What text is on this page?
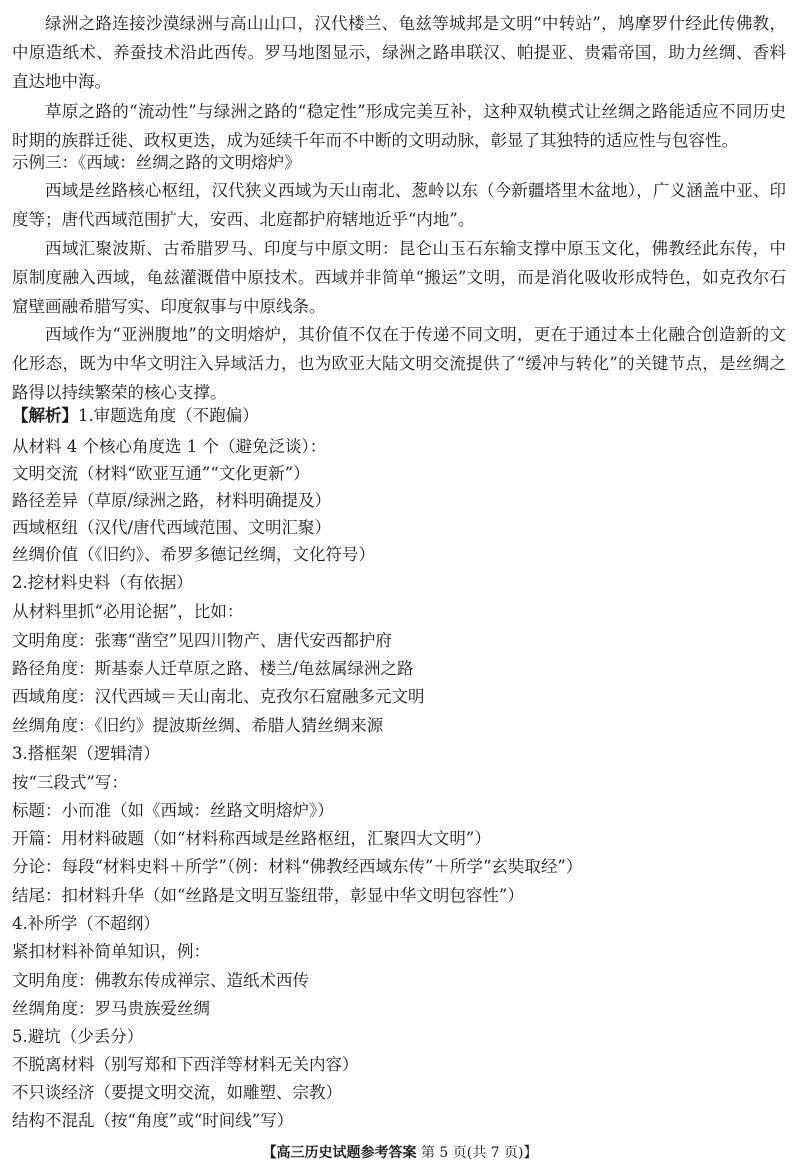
绿洲之路连接沙漠绿洲与高山山口，汉代楼兰、龟兹等城邦是文明“中转站”，鸠摩罗什经此传佛教，中原造纸术、养蚕技术沿此西传。罗马地图显示，绿洲之路串联汉、帕提亚、贵霜帝国，助力丝绸、香料直达地中海。

草原之路的“流动性”与绿洲之路的“稳定性”形成完美互补，这种双轨模式让丝绸之路能适应不同历史时期的族群迁徙、政权更迭，成为延续千年而不中断的文明动脉，彰显了其独特的适应性与包容性。

示例三：《西域：丝绸之路的文明熔炉》

西域是丝路核心枢纽，汉代狭义西域为天山南北、葱岭以东（今新疆塔里木盆地），广义涵盖中亚、印度等；唐代西域范围扩大，安西、北庭都护府辖地近乎“内地”。

西域汇聚波斯、古希腊罗马、印度与中原文明：昆仑山玉石东输支撑中原玉文化，佛教经此东传，中原制度融入西域，龟兹灌溉借中原技术。西域并非简单“搬运”文明，而是消化吸收形成特色，如克孜尔石窟壁画融希腊写实、印度叙事与中原线条。

西域作为“亚洲腹地”的文明熔炉，其价值不仅在于传递不同文明，更在于通过本土化融合创造新的文化形态，既为中华文明注入异域活力，也为欧亚大陆文明交流提供了“缓冲与转化”的关键节点，是丝绸之路得以持续繁荣的核心支撑。

【解析】1.审题选角度（不跑偏）
从材料 4 个核心角度选 1 个（避免泛谈）：
文明交流（材料“欧亚互通”“文化更新”）
路径差异（草原/绿洲之路，材料明确提及）
西域枢纽（汉代/唐代西域范围、文明汇聚）
丝绸价值（《旧约》、希罗多德记丝绸，文化符号）
2.挖材料史料（有依据）
从材料里抓“必用论据”，比如：
文明角度：张骞“凿空”见四川物产、唐代安西都护府
路径角度：斯基泰人迁草原之路、楼兰/龟兹属绿洲之路
西域角度：汉代西域＝天山南北、克孜尔石窟融多元文明
丝绸角度：《旧约》提波斯丝绸、希腊人猜丝绸来源
3.搭框架（逻辑清）
按“三段式”写：
标题：小而准（如《西域：丝路文明熔炉》）
开篇：用材料破题（如“材料称西域是丝路枢纽，汇聚四大文明”）
分论：每段“材料史料＋所学”（例：材料“佛教经西域东传”＋所学“玄奘取经”）
结尾：扣材料升华（如“丝路是文明互鉴纽带，彰显中华文明包容性”）
4.补所学（不超纲）
紧扣材料补简单知识，例：
文明角度：佛教东传成禅宗、造纸术西传
丝绸角度：罗马贵族爱丝绸
5.避坑（少丢分）
不脱离材料（别写郑和下西洋等材料无关内容）
不只谈经济（要提文明交流，如雕塑、宗教）
结构不混乱（按“角度”或“时间线”写）
【高三历史试题参考答案 第 5 页(共 7 页)】
